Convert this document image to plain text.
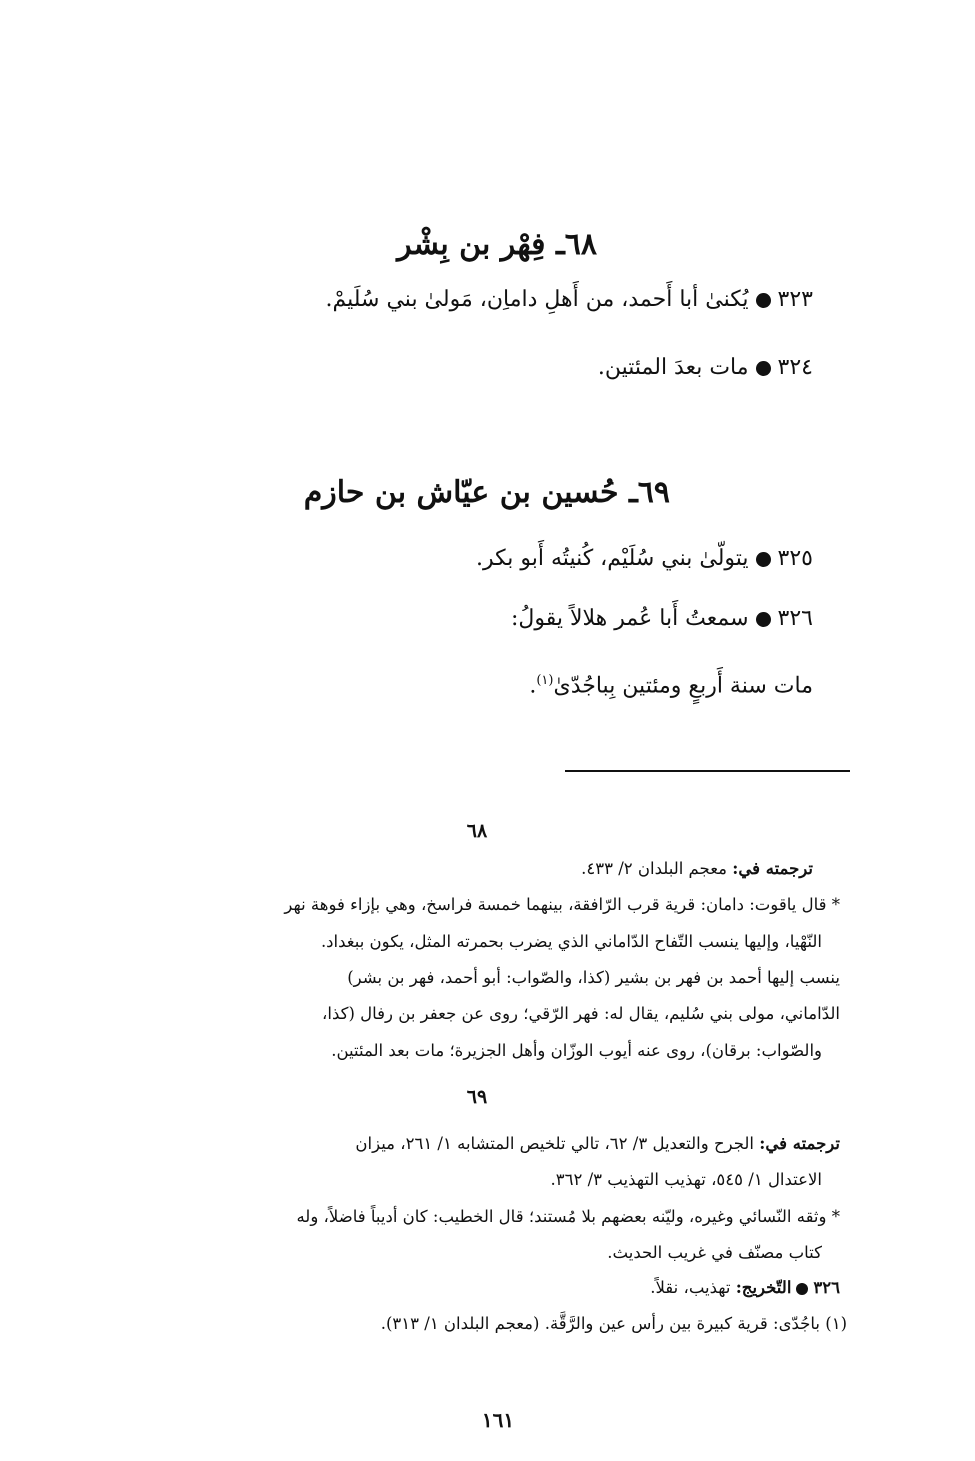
٦٨ـ فِهْر بن بِشْر
٣٢٣يُكنىٰ أبا أَحمد، من أَهلِ داماِن، مَولىٰ بني سُلَيمْ.
٣٢٤مات بعدَ المئتين.
٦٩ـ حُسين بن عيّاش بن حازم
٣٢٥يتولّىٰ بني سُلَيْم، كُنيتُه أَبو بكر.
٣٢٦سمعتُ أَبا عُمر هلالاً يقولُ:
مات سنة أَربعٍ ومئتين بِباجُدّىٰ$^{(١)}$.
٦٨
ترجمته في: معجم البلدان ٢/ ٤٣٣.
* قال ياقوت: دامان: قرية قرب الرّافقة، بينهما خمسة فراسخ، وهي بإزاء فوهة نهر
النّهْيا، وإليها ينسب التّفاح الدّاماني الذي يضرب بحمرته المثل، يكون ببغداد.
ينسب إليها أحمد بن فهر بن بشير (كذا، والصّواب: أبو أحمد، فهر بن بشر)
الدّاماني، مولى بني سُليم، يقال له: فهر الرّقي؛ روى عن جعفر بن رفال (كذا،
والصّواب: برقان)، روى عنه أيوب الوزّان وأهل الجزيرة؛ مات بعد المئتين.
٦٩
ترجمته في: الجرح والتعديل ٣/ ٦٢، تالي تلخيص المتشابه ١/ ٢٦١، ميزان
الاعتدال ١/ ٥٤٥، تهذيب التهذيب ٣/ ٣٦٢.
* وثقه النّسائي وغيره، وليّنه بعضهم بلا مُستند؛ قال الخطيب: كان أديباً فاضلاً، وله
كتاب مصنّف في غريب الحديث.
٣٢٦التّخريج: تهذيب، نقلاً.
(١) باجُدّى: قرية كبيرة بين رأس عين والرَّقَّة. (معجم البلدان ١/ ٣١٣).
١٦١
